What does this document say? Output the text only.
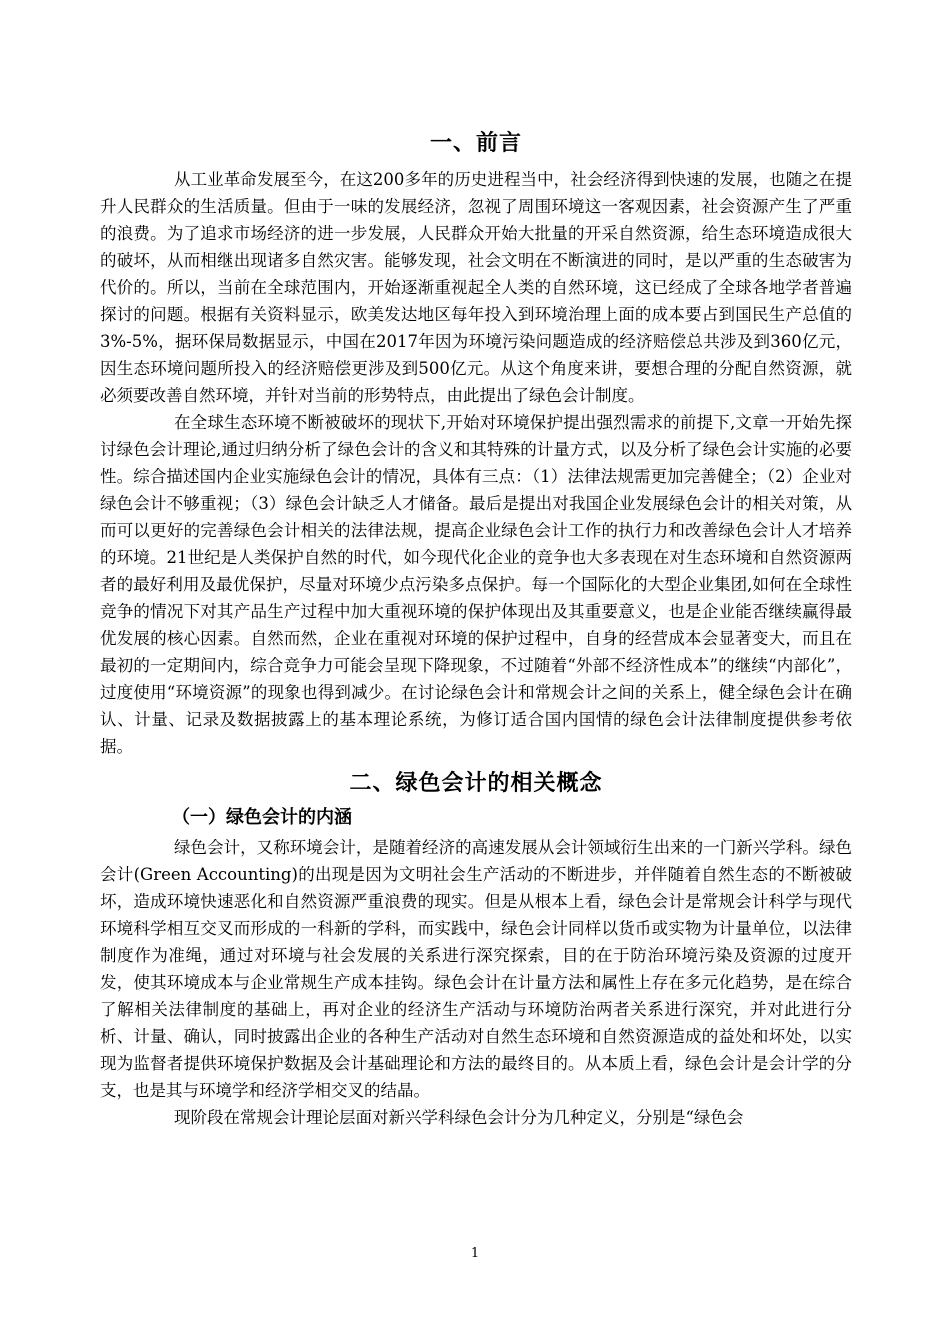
一、前言

从工业革命发展至今，在这200多年的历史进程当中，社会经济得到快速的发展，也随之在提升人民群众的生活质量。但由于一味的发展经济，忽视了周围环境这一客观因素，社会资源产生了严重的浪费。为了追求市场经济的进一步发展，人民群众开始大批量的开采自然资源，给生态环境造成很大的破坏，从而相继出现诸多自然灾害。能够发现，社会文明在不断演进的同时，是以严重的生态破害为代价的。所以，当前在全球范围内，开始逐渐重视起全人类的自然环境，这已经成了全球各地学者普遍探讨的问题。根据有关资料显示，欧美发达地区每年投入到环境治理上面的成本要占到国民生产总值的3%-5%，据环保局数据显示，中国在2017年因为环境污染问题造成的经济赔偿总共涉及到360亿元，因生态环境问题所投入的经济赔偿更涉及到500亿元。从这个角度来讲，要想合理的分配自然资源，就必须要改善自然环境，并针对当前的形势特点，由此提出了绿色会计制度。

在全球生态环境不断被破坏的现状下,开始对环境保护提出强烈需求的前提下,文章一开始先探讨绿色会计理论,通过归纳分析了绿色会计的含义和其特殊的计量方式，以及分析了绿色会计实施的必要性。综合描述国内企业实施绿色会计的情况，具体有三点：（1）法律法规需更加完善健全；（2）企业对绿色会计不够重视；（3）绿色会计缺乏人才储备。最后是提出对我国企业发展绿色会计的相关对策，从而可以更好的完善绿色会计相关的法律法规，提高企业绿色会计工作的执行力和改善绿色会计人才培养的环境。21世纪是人类保护自然的时代，如今现代化企业的竞争也大多表现在对生态环境和自然资源两者的最好利用及最优保护，尽量对环境少点污染多点保护。每一个国际化的大型企业集团,如何在全球性竞争的情况下对其产品生产过程中加大重视环境的保护体现出及其重要意义，也是企业能否继续赢得最优发展的核心因素。自然而然，企业在重视对环境的保护过程中，自身的经营成本会显著变大，而且在最初的一定期间内，综合竞争力可能会呈现下降现象，不过随着“外部不经济性成本”的继续“内部化”，过度使用“环境资源”的现象也得到减少。在讨论绿色会计和常规会计之间的关系上，健全绿色会计在确认、计量、记录及数据披露上的基本理论系统，为修订适合国内国情的绿色会计法律制度提供参考依据。

二、绿色会计的相关概念
（一）绿色会计的内涵

绿色会计，又称环境会计，是随着经济的高速发展从会计领域衍生出来的一门新兴学科。绿色会计(Green Accounting)的出现是因为文明社会生产活动的不断进步，并伴随着自然生态的不断被破坏，造成环境快速恶化和自然资源严重浪费的现实。但是从根本上看，绿色会计是常规会计科学与现代环境科学相互交叉而形成的一科新的学科，而实践中，绿色会计同样以货币或实物为计量单位，以法律制度作为准绳，通过对环境与社会发展的关系进行深究探索，目的在于防治环境污染及资源的过度开发，使其环境成本与企业常规生产成本挂钩。绿色会计在计量方法和属性上存在多元化趋势，是在综合了解相关法律制度的基础上，再对企业的经济生产活动与环境防治两者关系进行深究，并对此进行分析、计量、确认，同时披露出企业的各种生产活动对自然生态环境和自然资源造成的益处和坏处，以实现为监督者提供环境保护数据及会计基础理论和方法的最终目的。从本质上看，绿色会计是会计学的分支，也是其与环境学和经济学相交叉的结晶。

现阶段在常规会计理论层面对新兴学科绿色会计分为几种定义，分别是“绿色会

1
